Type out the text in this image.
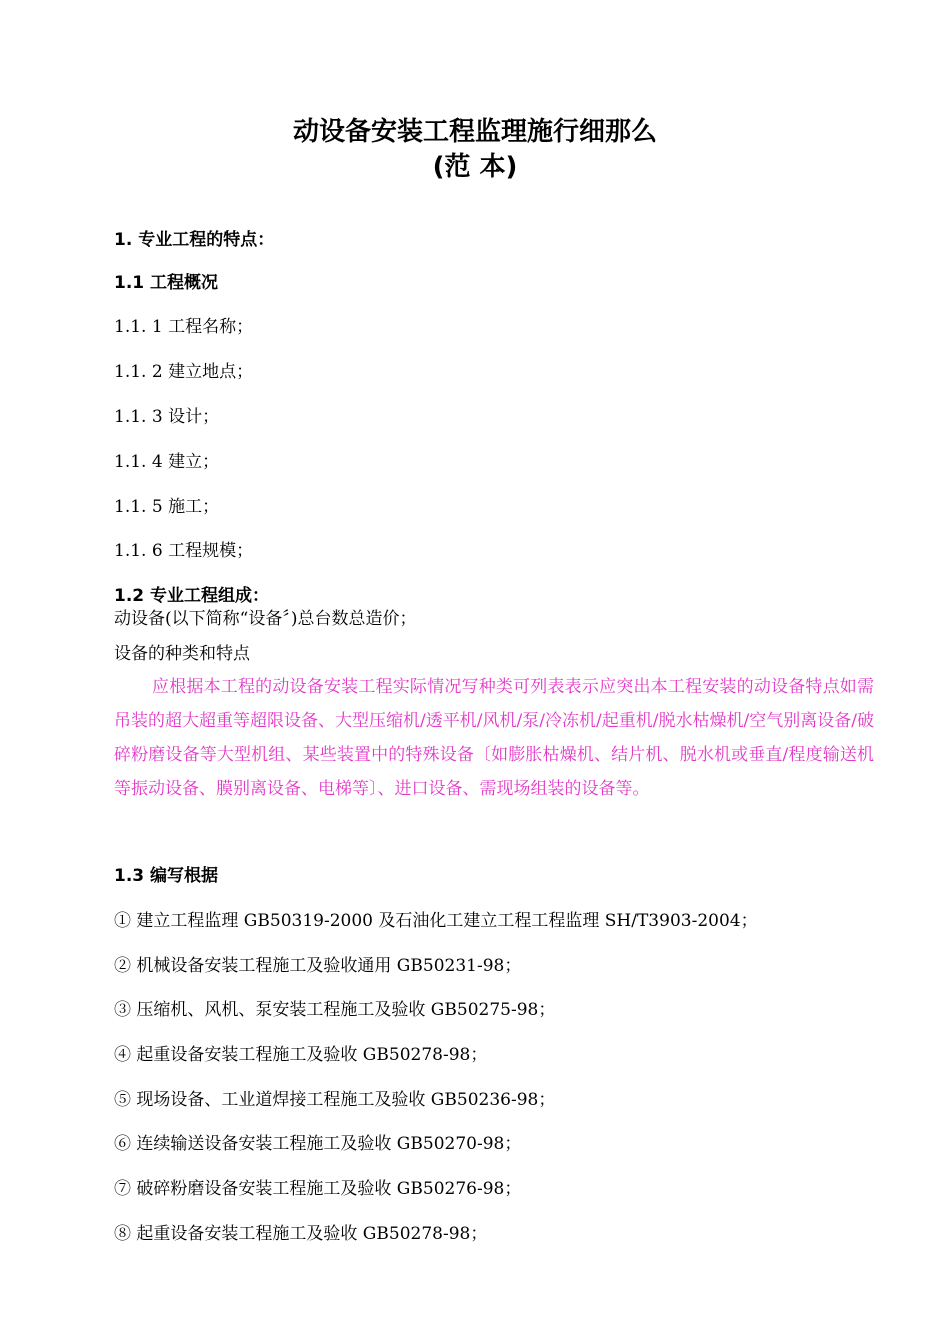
动设备安装工程监理施行细那么
(范 本)
1. 专业工程的特点：
1.1 工程概况
1.1. 1 工程名称；
1.1. 2 建立地点；
1.1. 3 设计；
1.1. 4 建立；
1.1. 5 施工；
1.1. 6 工程规模；
1.2 专业工程组成：
动设备(以下简称“设备〞)总台数总造价；
设备的种类和特点
应根据本工程的动设备安装工程实际情况写种类可列表表示应突出本工程安装的动设备特点如需吊装的超大超重等超限设备、大型压缩机/透平机/风机/泵/冷冻机/起重机/脱水枯燥机/空气别离设备/破碎粉磨设备等大型机组、某些装置中的特殊设备〔如膨胀枯燥机、结片机、脱水机或垂直/程度输送机等振动设备、膜别离设备、电梯等〕、进口设备、需现场组装的设备等。
1.3 编写根据
① 建立工程监理 GB50319-2000 及石油化工建立工程工程监理 SH/T3903-2004；
② 机械设备安装工程施工及验收通用 GB50231-98；
③ 压缩机、风机、泵安装工程施工及验收 GB50275-98；
④ 起重设备安装工程施工及验收 GB50278-98；
⑤ 现场设备、工业道焊接工程施工及验收 GB50236-98；
⑥ 连续输送设备安装工程施工及验收 GB50270-98；
⑦ 破碎粉磨设备安装工程施工及验收 GB50276-98；
⑧ 起重设备安装工程施工及验收 GB50278-98；
